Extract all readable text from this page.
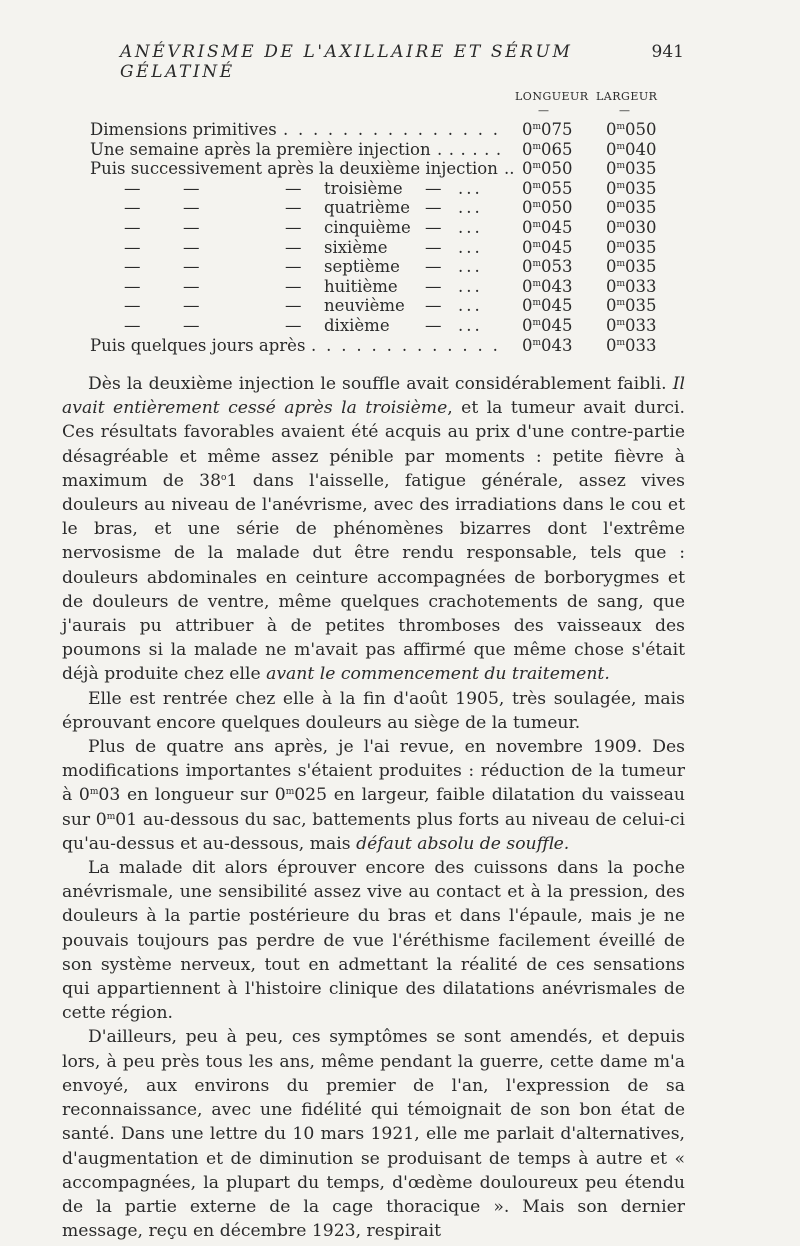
ANÉVRISME DE L'AXILLAIRE ET SÉRUM GÉLATINÉ
941
LONGUEUR LARGEUR
—	—
Dimensions primitives ............... 0$^m$075 0$^m$050
Une semaine après la première injection ...... 0$^m$065 0$^m$040
Puis successivement après la deuxième injection .. 0$^m$050 0$^m$035
—	—	— troisième — ... 0$^m$055 0$^m$035
—	—	— quatrième — ... 0$^m$050 0$^m$035
—	—	— cinquième — ... 0$^m$045 0$^m$030
—	—	— sixième — ... 0$^m$045 0$^m$035
—	—	— septième — ... 0$^m$053 0$^m$035
—	—	— huitième — ... 0$^m$043 0$^m$033
—	—	— neuvième — ... 0$^m$045 0$^m$035
—	—	— dixième — ... 0$^m$045 0$^m$033
Puis quelques jours après ............. 0$^m$043 0$^m$033

Dès la deuxième injection le souffle avait considérablement faibli. Il avait entièrement cessé après la troisième, et la tumeur avait durci. Ces résultats favorables avaient été acquis au prix d'une contre-partie désagréable et même assez pénible par moments : petite fièvre à maximum de 38$^o$1 dans l'aisselle, fatigue générale, assez vives douleurs au niveau de l'anévrisme, avec des irradiations dans le cou et le bras, et une série de phénomènes bizarres dont l'extrême nervosisme de la malade dut être rendu responsable, tels que : douleurs abdominales en ceinture accompagnées de borborygmes et de douleurs de ventre, même quelques crachotements de sang, que j'aurais pu attribuer à de petites thromboses des vaisseaux des poumons si la malade ne m'avait pas affirmé que même chose s'était déjà produite chez elle avant le commencement du traitement.

Elle est rentrée chez elle à la fin d'août 1905, très soulagée, mais éprouvant encore quelques douleurs au siège de la tumeur.

Plus de quatre ans après, je l'ai revue, en novembre 1909. Des modifications importantes s'étaient produites : réduction de la tumeur à 0$^m$03 en longueur sur 0$^m$025 en largeur, faible dilatation du vaisseau sur 0$^m$01 au-dessous du sac, battements plus forts au niveau de celui-ci qu'au-dessus et au-dessous, mais défaut absolu de souffle.

La malade dit alors éprouver encore des cuissons dans la poche anévrismale, une sensibilité assez vive au contact et à la pression, des douleurs à la partie postérieure du bras et dans l'épaule, mais je ne pouvais toujours pas perdre de vue l'éréthisme facilement éveillé de son système nerveux, tout en admettant la réalité de ces sensations qui appartiennent à l'histoire clinique des dilatations anévrismales de cette région.

D'ailleurs, peu à peu, ces symptômes se sont amendés, et depuis lors, à peu près tous les ans, même pendant la guerre, cette dame m'a envoyé, aux environs du premier de l'an, l'expression de sa reconnaissance, avec une fidélité qui témoignait de son bon état de santé. Dans une lettre du 10 mars 1921, elle me parlait d'alternatives, d'augmentation et de diminution se produisant de temps à autre et « accompagnées, la plupart du temps, d'œdème douloureux peu étendu de la partie externe de la cage thoracique ». Mais son dernier message, reçu en décembre 1923, respirait
